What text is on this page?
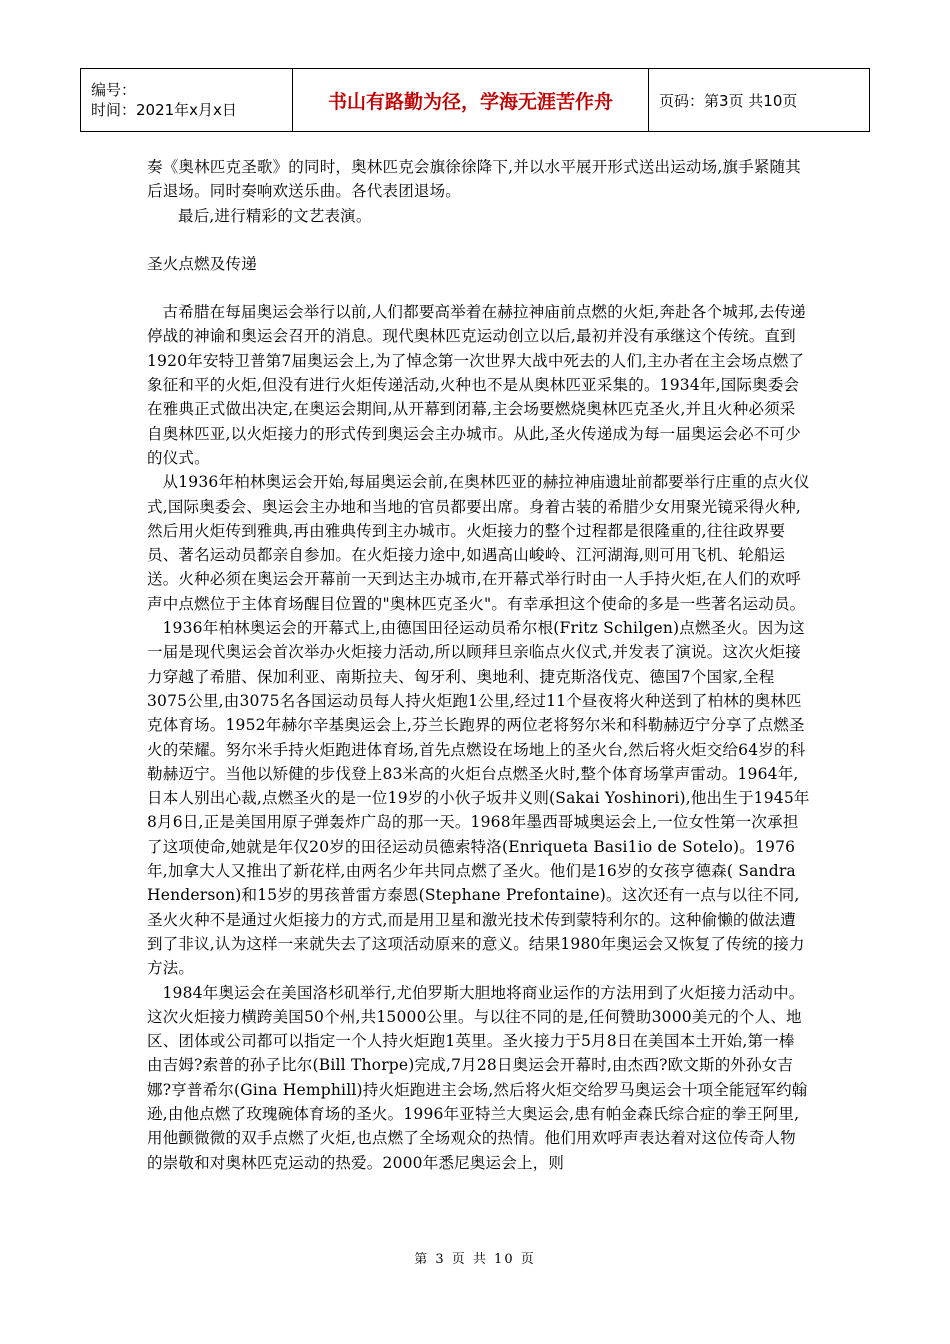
编号：
时间：2021年x月x日	书山有路勤为径，学海无涯苦作舟	页码：第3页 共10页

奏《奥林匹克圣歌》的同时，奥林匹克会旗徐徐降下,并以水平展开形式送出运动场,旗手紧随其后退场。同时奏响欢送乐曲。各代表团退场。

最后,进行精彩的文艺表演。

圣火点燃及传递

古希腊在每届奥运会举行以前,人们都要高举着在赫拉神庙前点燃的火炬,奔赴各个城邦,去传递停战的神谕和奥运会召开的消息。现代奥林匹克运动创立以后,最初并没有承继这个传统。直到1920年安特卫普第7届奥运会上,为了悼念第一次世界大战中死去的人们,主办者在主会场点燃了象征和平的火炬,但没有进行火炬传递活动,火种也不是从奥林匹亚采集的。1934年,国际奥委会在雅典正式做出决定,在奥运会期间,从开幕到闭幕,主会场要燃烧奥林匹克圣火,并且火种必须采自奥林匹亚,以火炬接力的形式传到奥运会主办城市。从此,圣火传递成为每一届奥运会必不可少的仪式。

从1936年柏林奥运会开始,每届奥运会前,在奥林匹亚的赫拉神庙遗址前都要举行庄重的点火仪式,国际奥委会、奥运会主办地和当地的官员都要出席。身着古装的希腊少女用聚光镜采得火种,然后用火炬传到雅典,再由雅典传到主办城市。火炬接力的整个过程都是很隆重的,往往政界要员、著名运动员都亲自参加。在火炬接力途中,如遇高山峻岭、江河湖海,则可用飞机、轮船运送。火种必须在奥运会开幕前一天到达主办城市,在开幕式举行时由一人手持火炬,在人们的欢呼声中点燃位于主体育场醒目位置的"奥林匹克圣火"。有幸承担这个使命的多是一些著名运动员。

1936年柏林奥运会的开幕式上,由德国田径运动员希尔根(Fritz Schilgen)点燃圣火。因为这一届是现代奥运会首次举办火炬接力活动,所以顾拜旦亲临点火仪式,并发表了演说。这次火炬接力穿越了希腊、保加利亚、南斯拉夫、匈牙利、奥地利、捷克斯洛伐克、德国7个国家,全程3075公里,由3075名各国运动员每人持火炬跑1公里,经过11个昼夜将火种送到了柏林的奥林匹克体育场。1952年赫尔辛基奥运会上,芬兰长跑界的两位老将努尔米和科勒赫迈宁分享了点燃圣火的荣耀。努尔米手持火炬跑进体育场,首先点燃设在场地上的圣火台,然后将火炬交给64岁的科勒赫迈宁。当他以矫健的步伐登上83米高的火炬台点燃圣火时,整个体育场掌声雷动。1964年,日本人别出心裁,点燃圣火的是一位19岁的小伙子坂井义则(Sakai Yoshinori),他出生于1945年8月6日,正是美国用原子弹轰炸广岛的那一天。1968年墨西哥城奥运会上,一位女性第一次承担了这项使命,她就是年仅20岁的田径运动员德索特洛(Enriqueta Basi1io de Sotelo)。1976年,加拿大人又推出了新花样,由两名少年共同点燃了圣火。他们是16岁的女孩亨德森( Sandra Henderson)和15岁的男孩普雷方泰恩(Stephane Prefontaine)。这次还有一点与以往不同,圣火火种不是通过火炬接力的方式,而是用卫星和激光技术传到蒙特利尔的。这种偷懒的做法遭到了非议,认为这样一来就失去了这项活动原来的意义。结果1980年奥运会又恢复了传统的接力方法。

1984年奥运会在美国洛杉矶举行,尤伯罗斯大胆地将商业运作的方法用到了火炬接力活动中。这次火炬接力横跨美国50个州,共15000公里。与以往不同的是,任何赞助3000美元的个人、地区、团体或公司都可以指定一个人持火炬跑1英里。圣火接力于5月8日在美国本土开始,第一棒由吉姆?索普的孙子比尔(Bill Thorpe)完成,7月28日奥运会开幕时,由杰西?欧文斯的外孙女吉娜?亨普希尔(Gina Hemphill)持火炬跑进主会场,然后将火炬交给罗马奥运会十项全能冠军约翰逊,由他点燃了玫瑰碗体育场的圣火。1996年亚特兰大奥运会,患有帕金森氏综合症的拳王阿里,用他颤微微的双手点燃了火炬,也点燃了全场观众的热情。他们用欢呼声表达着对这位传奇人物的崇敬和对奥林匹克运动的热爱。2000年悉尼奥运会上，则

第 3 页 共 10 页
